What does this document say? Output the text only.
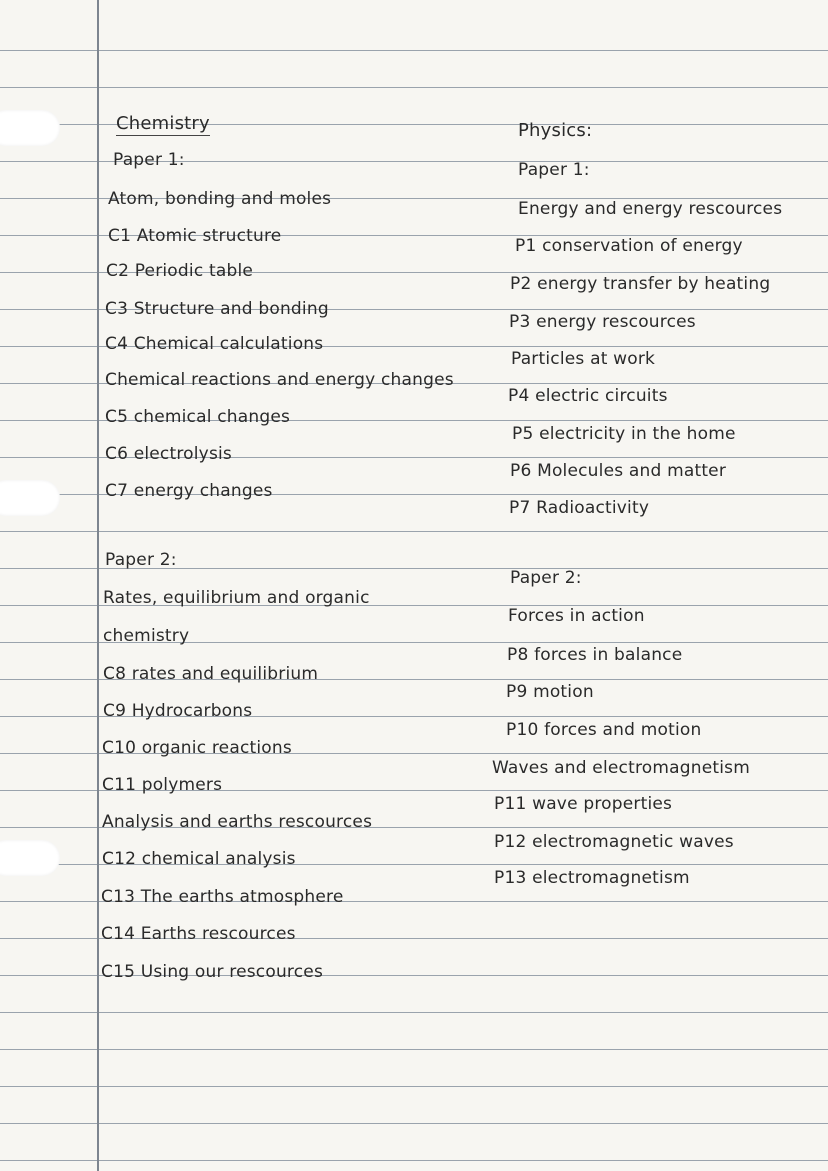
Chemistry
Paper 1:
Atom, bonding and moles
C1 Atomic structure
C2 Periodic table
C3 Structure and bonding
C4 Chemical calculations
Chemical reactions and energy changes
C5 chemical changes
C6 electrolysis
C7 energy changes
Paper 2:
Rates, equilibrium and organic
chemistry
C8 rates and equilibrium
C9 Hydrocarbons
C10 organic reactions
C11 polymers
Analysis and earths rescources
C12 chemical analysis
C13 The earths atmosphere
C14 Earths rescources
C15 Using our rescources
Physics:
Paper 1:
Energy and energy rescources
P1 conservation of energy
P2 energy transfer by heating
P3 energy rescources
Particles at work
P4 electric circuits
P5 electricity in the home
P6 Molecules and matter
P7 Radioactivity
Paper 2:
Forces in action
P8 forces in balance
P9 motion
P10 forces and motion
Waves and electromagnetism
P11 wave properties
P12 electromagnetic waves
P13 electromagnetism
